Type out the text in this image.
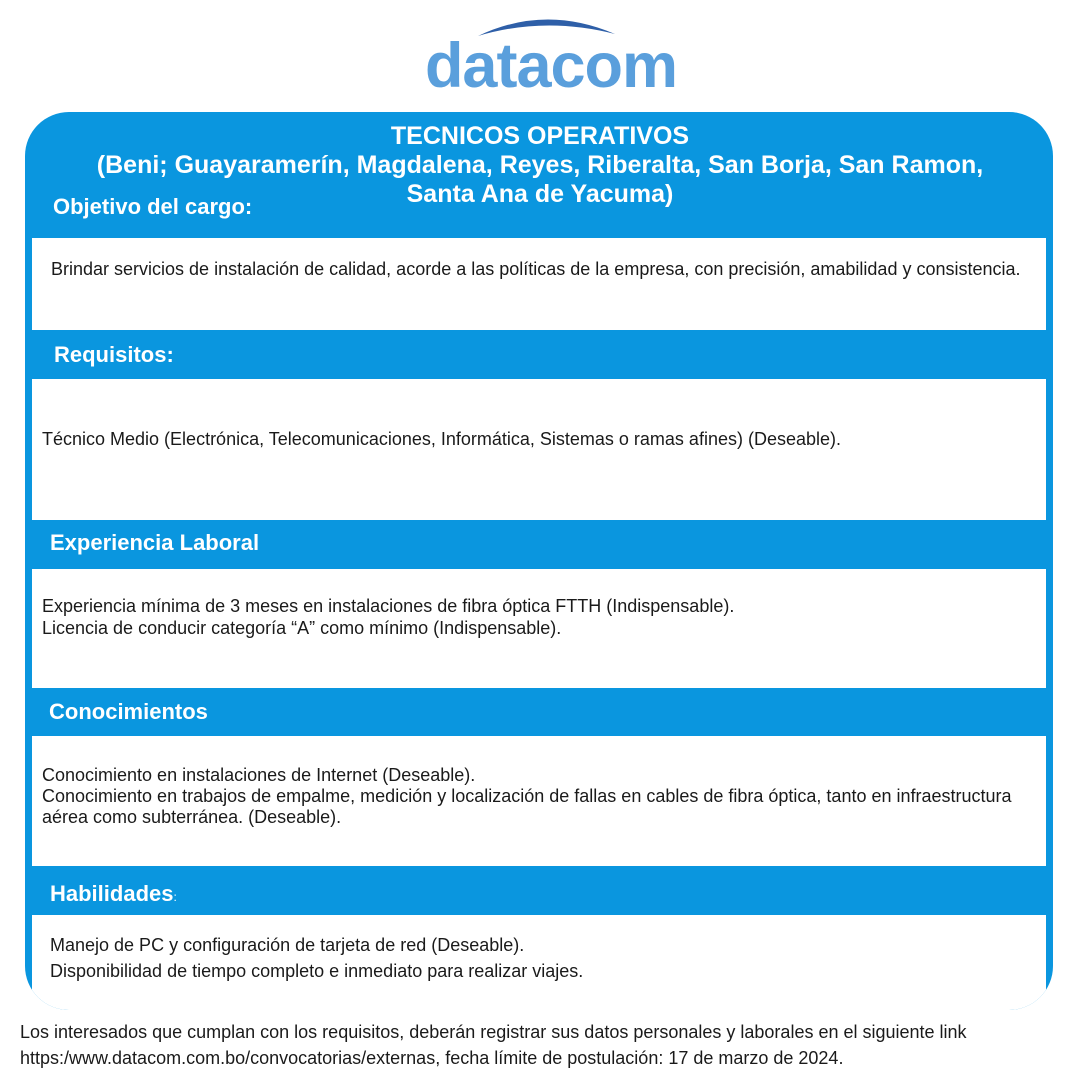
datacom
TECNICOS OPERATIVOS
(Beni; Guayaramerín, Magdalena, Reyes, Riberalta, San Borja, San Ramon, Santa Ana de Yacuma)
Objetivo del cargo:

Brindar servicios de instalación de calidad, acorde a las políticas de la empresa, con precisión, amabilidad y consistencia.

Requisitos:

Técnico Medio (Electrónica, Telecomunicaciones, Informática, Sistemas o ramas afines) (Deseable).

Experiencia Laboral

Experiencia mínima de 3 meses en instalaciones de fibra óptica FTTH (Indispensable).

Licencia de conducir categoría “A” como mínimo (Indispensable).

Conocimientos

Conocimiento en instalaciones de Internet (Deseable).

Conocimiento en trabajos de empalme, medición y localización de fallas en cables de fibra óptica, tanto en infraestructura aérea como subterránea. (Deseable).

Habilidades:

Manejo de PC y configuración de tarjeta de red (Deseable).

Disponibilidad de tiempo completo e inmediato para realizar viajes.

Los interesados que cumplan con los requisitos, deberán registrar sus datos personales y laborales en el siguiente link https:/www.datacom.com.bo/convocatorias/externas, fecha límite de postulación: 17 de marzo de 2024.
